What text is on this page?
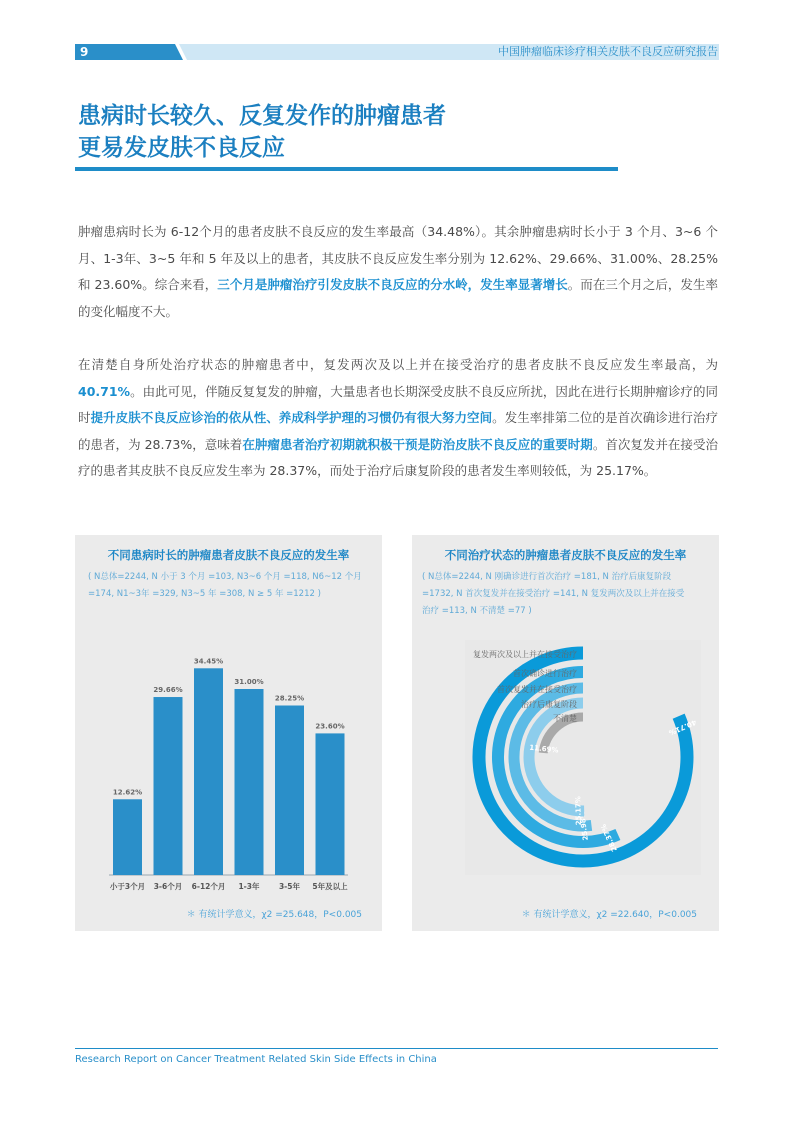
9	中国肿瘤临床诊疗相关皮肤不良反应研究报告
患病时长较久、反复发作的肿瘤患者
更易发皮肤不良反应
肿瘤患病时长为 6-12个月的患者皮肤不良反应的发生率最高（34.48%）。其余肿瘤患病时长小于 3 个月、3~6 个月、1-3年、3~5 年和 5 年及以上的患者，其皮肤不良反应发生率分别为 12.62%、29.66%、31.00%、28.25% 和 23.60%。综合来看，三个月是肿瘤治疗引发皮肤不良反应的分水岭，发生率显著增长。而在三个月之后，发生率的变化幅度不大。
在清楚自身所处治疗状态的肿瘤患者中，复发两次及以上并在接受治疗的患者皮肤不良反应发生率最高，为40.71%。由此可见，伴随反复复发的肿瘤，大量患者也长期深受皮肤不良反应所扰，因此在进行长期肿瘤诊疗的同时提升皮肤不良反应诊治的依从性、养成科学护理的习惯仍有很大努力空间。发生率排第二位的是首次确诊进行治疗的患者，为 28.73%，意味着在肿瘤患者治疗初期就积极干预是防治皮肤不良反应的重要时期。首次复发并在接受治疗的患者其皮肤不良反应发生率为 28.37%，而处于治疗后康复阶段的患者发生率则较低，为 25.17%。
不同患病时长的肿瘤患者皮肤不良反应的发生率
( N总体=2244, N 小于 3 个月 =103, N3~6 个月 =118, N6~12 个月
=174, N1~3年 =329, N3~5 年 =308, N ≥ 5 年 =1212 )
12.62%
小于3个月
29.66%
3-6个月
34.45%
6-12个月
31.00%
1-3年
28.25%
3-5年
23.60%
5年及以上
＊ 有统计学意义，χ2 =25.648，P<0.005
不同治疗状态的肿瘤患者皮肤不良反应的发生率
( N总体=2244, N 刚确诊进行首次治疗 =181, N 治疗后康复阶段
=1732, N 首次复发并在接受治疗 =141, N 复发两次及以上并在接受
治疗 =113, N 不清楚 =77 )
复发两次及以上并在接受治疗
40.71%
首次确诊进行治疗
28.37%
首次复发并在接受治疗
25.98%
治疗后康复阶段
25.17%
不清楚
11.69%
＊ 有统计学意义，χ2 =22.640，P<0.005
Research Report on Cancer Treatment Related Skin Side Effects in China
